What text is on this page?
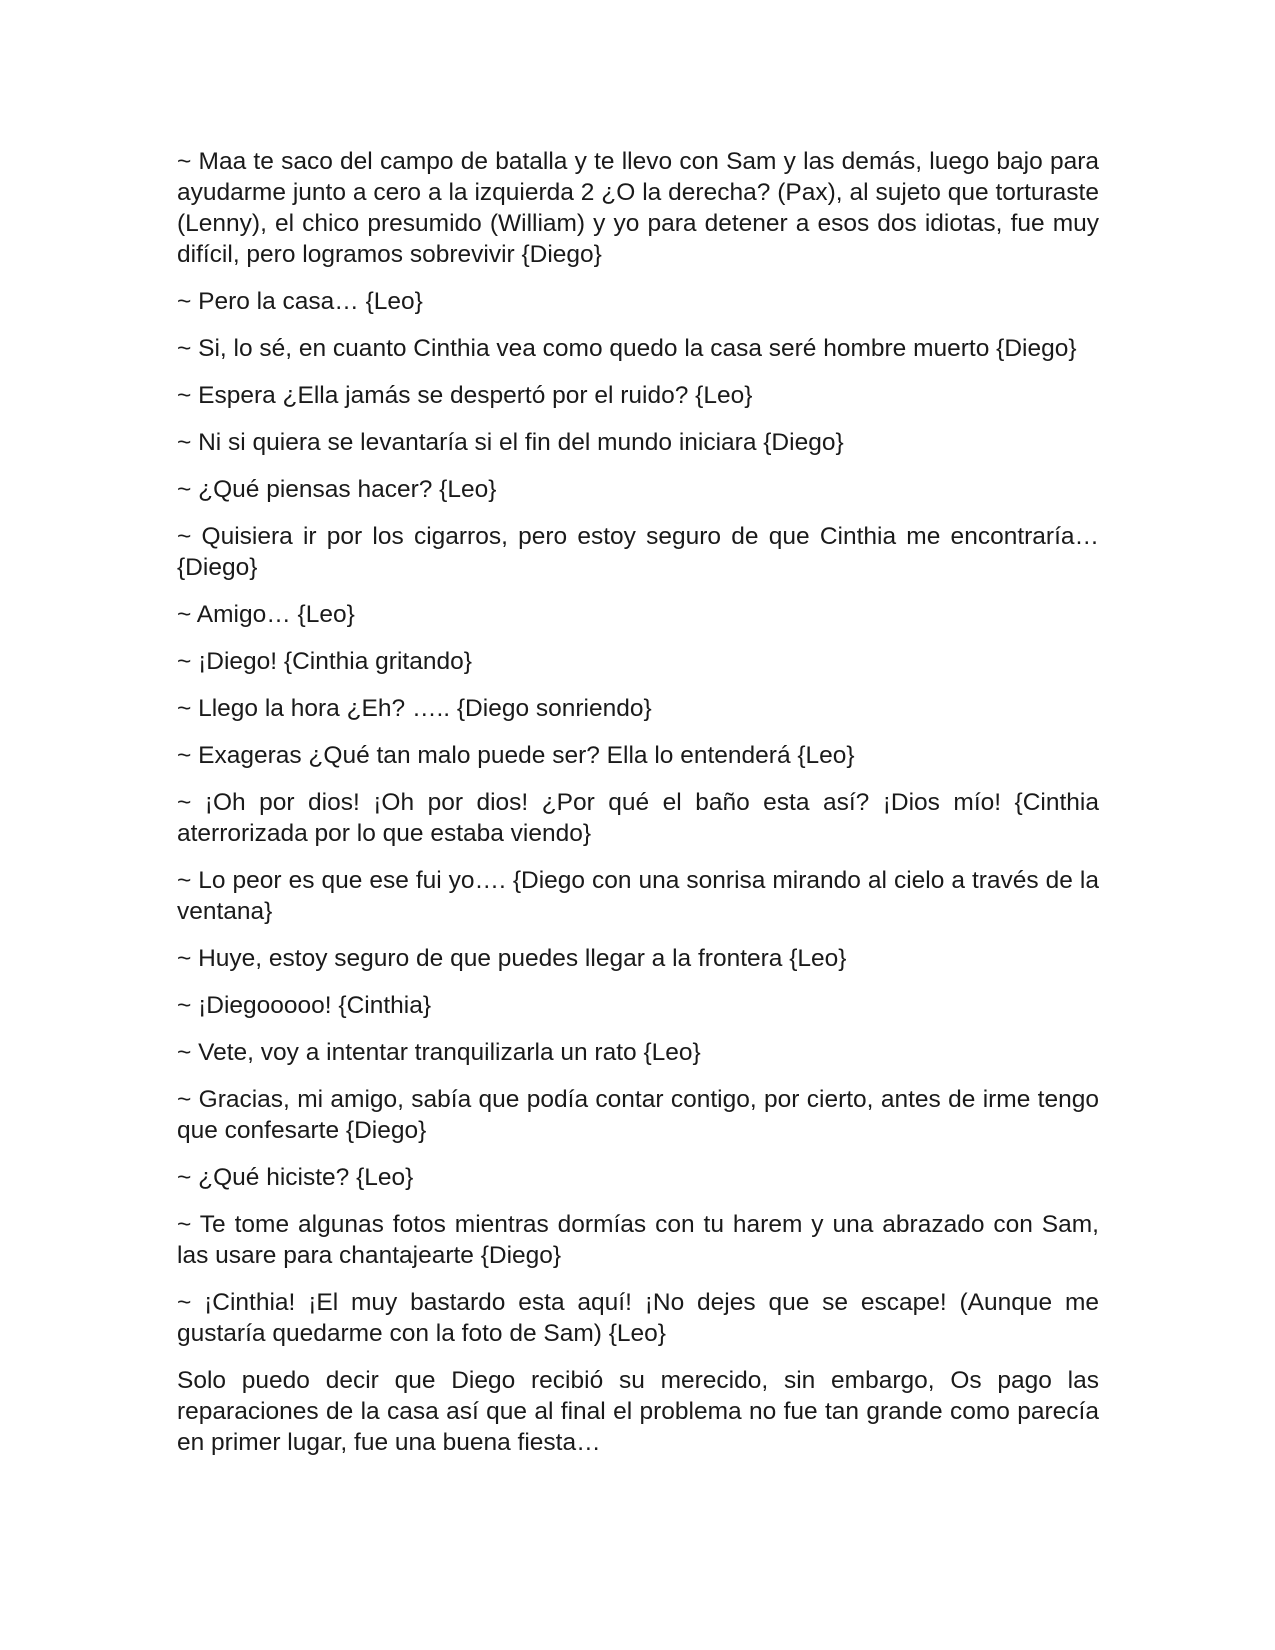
~ Maa te saco del campo de batalla y te llevo con Sam y las demás, luego bajo para ayudarme junto a cero a la izquierda 2 ¿O la derecha? (Pax), al sujeto que torturaste (Lenny), el chico presumido (William) y yo para detener a esos dos idiotas, fue muy difícil, pero logramos sobrevivir {Diego}

~ Pero la casa… {Leo}

~ Si, lo sé, en cuanto Cinthia vea como quedo la casa seré hombre muerto {Diego}

~ Espera ¿Ella jamás se despertó por el ruido? {Leo}

~ Ni si quiera se levantaría si el fin del mundo iniciara {Diego}

~ ¿Qué piensas hacer? {Leo}

~ Quisiera ir por los cigarros, pero estoy seguro de que Cinthia me encontraría… {Diego}

~ Amigo… {Leo}

~ ¡Diego! {Cinthia gritando}

~ Llego la hora ¿Eh? ….. {Diego sonriendo}

~ Exageras ¿Qué tan malo puede ser? Ella lo entenderá {Leo}

~ ¡Oh por dios! ¡Oh por dios! ¿Por qué el baño esta así? ¡Dios mío! {Cinthia aterrorizada por lo que estaba viendo}

~ Lo peor es que ese fui yo…. {Diego con una sonrisa mirando al cielo a través de la ventana}

~ Huye, estoy seguro de que puedes llegar a la frontera {Leo}

~ ¡Diegooooo! {Cinthia}

~ Vete, voy a intentar tranquilizarla un rato {Leo}

~ Gracias, mi amigo, sabía que podía contar contigo, por cierto, antes de irme tengo que confesarte {Diego}

~ ¿Qué hiciste? {Leo}

~ Te tome algunas fotos mientras dormías con tu harem y una abrazado con Sam, las usare para chantajearte {Diego}

~ ¡Cinthia! ¡El muy bastardo esta aquí! ¡No dejes que se escape! (Aunque me gustaría quedarme con la foto de Sam) {Leo}

Solo puedo decir que Diego recibió su merecido, sin embargo, Os pago las reparaciones de la casa así que al final el problema no fue tan grande como parecía en primer lugar, fue una buena fiesta…
